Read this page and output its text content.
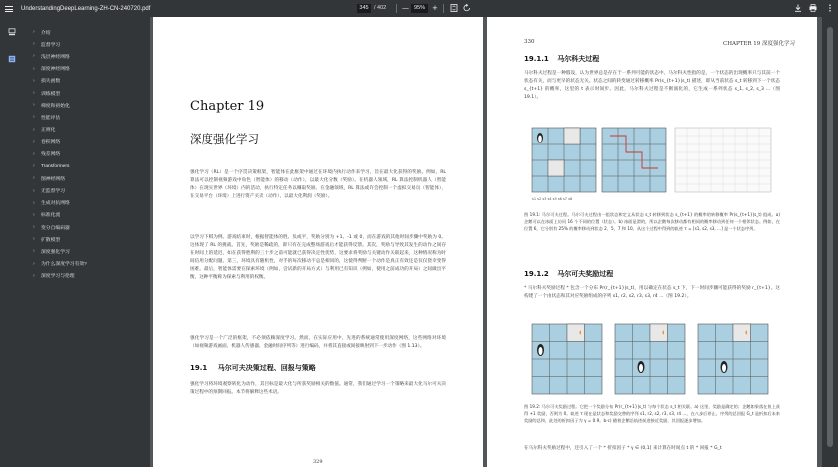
UnderstandingDeepLearning-ZH-CN-240720.pdf	345 / 402 — 95%	+
›	介绍
›	监督学习
›	浅层神经网络
›	深度神经网络
›	损失函数
›	训练模型
›	梯度和初始化
›	性能评估
›	正则化
›	卷积网络
›	残差网络
›	Transformers
›	图神经网络
›	无监督学习
›	生成对抗网络
›	标准化流
›	变分自编码器
›	扩散模型
›	深度强化学习
›	为什么深度学习有效?
›	深度学习与伦理
Chapter 19
深度强化学习
强化学习（RL）是一个序贯决策框架，智能体在此框架中通过在环境内执行动作来学习，旨在最大化获得的奖励。例如，RL 算法可以控制视频游戏中角色（智能体）的移动（动作），以最大化分数（奖励）。在机器人领域，RL 算法控制机器人（智能体）在现实世界（环境）内的活动，执行特定任务以赚取奖励。在金融领域，RL 算法或许会控制一个虚拟交易员（智能体），在交易平台（环境）上进行资产买卖（动作），以最大化利润（奖励）。
以学习下棋为例。游戏结束时，根据智能体的胜、负或平，奖励分别为 +1、-1 或 0，而在游戏的其他时间步骤中奖励为 0。这体现了 RL 的挑战。首先，奖励是稀疏的，即只有在完成整场游戏后才能获得反馈。其次，奖励与导致其发生的动作之间存在时间上的延迟，如在获得胜利的三十步之前可能就已获得决定性优势，这要求将奖励与关键动作关联起来，这种情况称为时间信用分配问题。第三，环境具有随机性，对手的每次移动不总是相同的，这使得判断一个动作是真正有效还是仅仅侥幸变得困难。最后，智能体需要在探索环境（例如，尝试新的开局方式）与利用已有知识（例如，使用之前成功的开局）之间做出平衡，这种平衡称为探索与利用的权衡。
强化学习是一个广泛的框架，不必须依赖深度学习。然而，在实际应用中，先进的系统通常使用深度网络，这些网络对环境（如视频游戏画面、机器人传感器、金融时间序列等）进行编码，并将其直接或间接映射到下一步动作（图 1.13）。
19.1 马尔可夫决策过程、回报与策略
强化学习将环境观察转化为动作，其目标是最大化与所获奖励相关的数值。通常，我们通过学习一个策略来最大化马尔可夫决策过程中的预期回报。本节将解释这些术语。
329
330	CHAPTER 19 深度强化学习
19.1.1 马尔科夫过程
马尔科夫过程是一种假设，认为世界总是存在于一系列可能的状态中。马尔科夫性指的是，一个状态的出现概率只与其前一个状态有关，而与更早的状态无关。状态之间的转变通过转移概率 Pr(s_{t+1}|s_t) 描述，即从当前状态 s_t 转移到下一个状态 s_{t+1} 的概率，这里的 t 表示时间步。因此，马尔科夫过程是不断演化的，它生成一系列状态 s_1, s_2, s_3 ...（图 19.1）。
s1 s2 s3 s4 s5 s6 s7 s8
图 19.1: 马尔可夫过程。马尔可夫过程由一组状态和定义从状态 s_t 转移到状态 s_{t+1} 的概率的转移概率 Pr(s_{t+1}|s_t) 组成。a) 企鹅可以在冰面上访问 16 个不同的位置（状态）。b) 冰面是滑的，所以企鹅每次移动都有相同的概率移动到任何一个相邻状态。例如，在位置 6，它分别有 25% 的概率移动到状态 2、5、7 和 10。从这个过程中得到的轨迹 τ = [s1, s2, s3, ...] 是一个状态序列。
19.1.2 马尔可夫奖励过程
* 马尔科夫奖励过程 * 包含一个分布 Pr(r_{t+1}|s_t)，用以确定在状态 s_t 下，下一时间步骤可能获得的奖励 r_{t+1}。这构建了一个由状态和其对应奖励组成的序列 s1, r2, s2, r3, s3, r4 ...（图 19.2）。
图 19.2: 马尔可夫奖励过程。它把一个奖励分布 Pr(r_{t+1}|s_t) 与每个状态 s_t 相关联。a) 这里，奖励是确定的；企鹅如果落在鱼上获得 +1 奖励，否则为 0。轨迹 τ 现在是状态和奖励交替的序列 s1, r2, s2, r3, s3, r4 ...，在八步后停止。序列的总回报 G_t 是折扣后未来奖励的总和，此处的折扣因子为 γ = 0.9。b-c) 随着企鹅沿轨迹前进接近奖励，其回报逐步增加。
在马尔科夫奖励过程中，还引入了一个 * 折扣因子 * γ ∈ (0,1] 来计算在时间点 t 的 * 回报 * G_t
